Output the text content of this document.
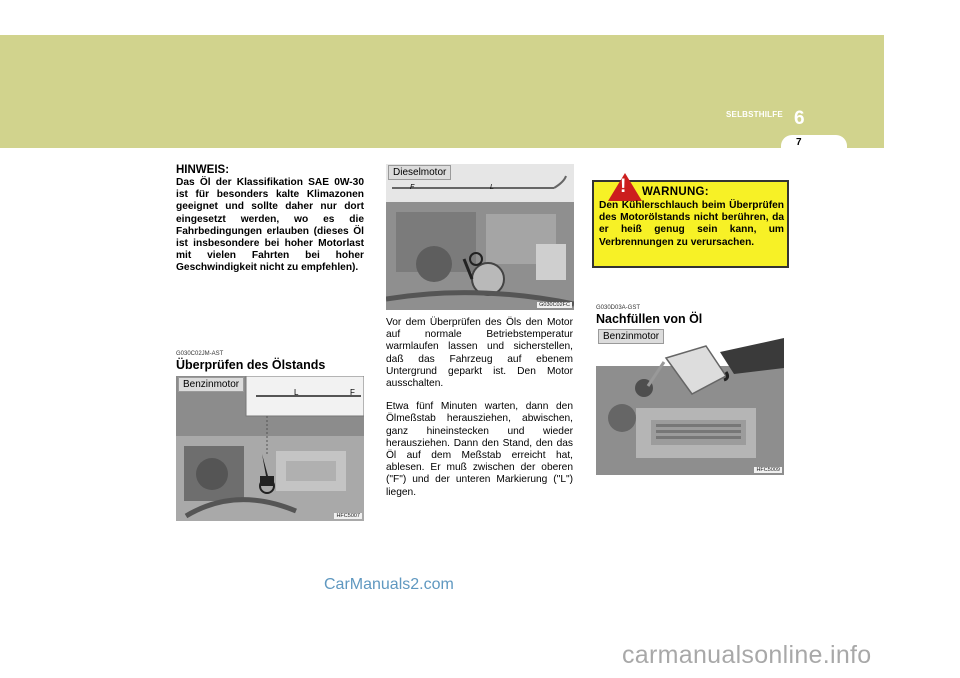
SELBSTHILFE 6
7
HINWEIS:
Das Öl der Klassifikation SAE 0W-30 ist für besonders kalte Klimazonen geeignet und sollte daher nur dort eingesetzt werden, wo es die Fahrbedingungen erlauben (dieses Öl ist insbesondere bei hoher Motorlast mit vielen Fahrten bei hoher Geschwindigkeit nicht zu empfehlen).
G030C02JM-AST
Überprüfen des Ölstands
Benzinmotor
L	F
HFC5007
Dieselmotor
F	L
G030C02FC

Vor dem Überprüfen des Öls den Motor auf normale Betriebstemperatur warmlaufen lassen und sicherstellen, daß das Fahrzeug auf ebenem Untergrund geparkt ist. Den Motor ausschalten.

Etwa fünf Minuten warten, dann den Ölmeßstab herausziehen, abwischen, ganz hineinstecken und wieder herausziehen. Dann den Stand, den das Öl auf dem Meßstab erreicht hat, ablesen. Er muß zwischen der oberen ("F") und der unteren Markierung ("L") liegen.

! WARNUNG:
Den Kühlerschlauch beim Überprüfen des Motorölstands nicht berühren, da er heiß genug sein kann, um Verbrennungen zu verursachen.
G030D03A-GST
Nachfüllen von Öl
Benzinmotor
HFC5009
CarManuals2.com
carmanualsonline.info
